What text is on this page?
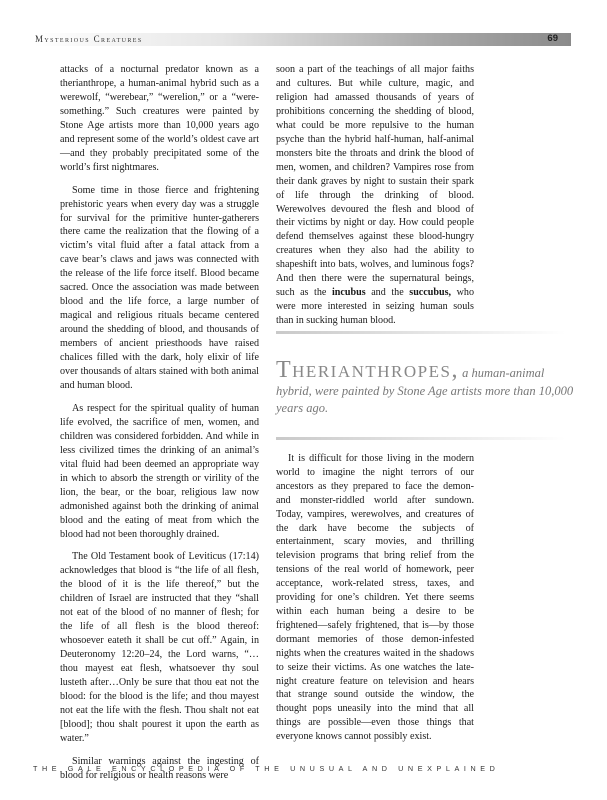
Mysterious Creatures	69

attacks of a nocturnal predator known as a therianthrope, a human-animal hybrid such as a werewolf, “werebear,” “werelion,” or a “were-something.” Such creatures were painted by Stone Age artists more than 10,000 years ago and represent some of the world’s oldest cave art—and they probably precipitated some of the world’s first nightmares.

Some time in those fierce and frightening prehistoric years when every day was a struggle for survival for the primitive hunter-gatherers there came the realization that the flowing of a victim’s vital fluid after a fatal attack from a cave bear’s claws and jaws was connected with the release of the life force itself. Blood became sacred. Once the association was made between blood and the life force, a large number of magical and religious rituals became centered around the shedding of blood, and thousands of members of ancient priesthoods have raised chalices filled with the dark, holy elixir of life over thousands of altars stained with both animal and human blood.

As respect for the spiritual quality of human life evolved, the sacrifice of men, women, and children was considered forbidden. And while in less civilized times the drinking of an animal’s vital fluid had been deemed an appropriate way in which to absorb the strength or virility of the lion, the bear, or the boar, religious law now admonished against both the drinking of animal blood and the eating of meat from which the blood had not been thoroughly drained.

The Old Testament book of Leviticus (17:14) acknowledges that blood is “the life of all flesh, the blood of it is the life thereof,” but the children of Israel are instructed that they “shall not eat of the blood of no manner of flesh; for the life of all flesh is the blood thereof: whosoever eateth it shall be cut off.” Again, in Deuteronomy 12:20–24, the Lord warns, “…thou mayest eat flesh, whatsoever thy soul lusteth after…Only be sure that thou eat not the blood: for the blood is the life; and thou mayest not eat the life with the flesh. Thou shalt not eat [blood]; thou shalt pourest it upon the earth as water.”

Similar warnings against the ingesting of blood for religious or health reasons were

soon a part of the teachings of all major faiths and cultures. But while culture, magic, and religion had amassed thousands of years of prohibitions concerning the shedding of blood, what could be more repulsive to the human psyche than the hybrid half-human, half-animal monsters bite the throats and drink the blood of men, women, and children? Vampires rose from their dank graves by night to sustain their spark of life through the drinking of blood. Werewolves devoured the flesh and blood of their victims by night or day. How could people defend themselves against these blood-hungry creatures when they also had the ability to shapeshift into bats, wolves, and luminous fogs? And then there were the supernatural beings, such as the incubus and the succubus, who were more interested in seizing human souls than in sucking human blood.

Therianthropes, a human-animal hybrid, were painted by Stone Age artists more than 10,000 years ago.

It is difficult for those living in the modern world to imagine the night terrors of our ancestors as they prepared to face the demon- and monster-riddled world after sundown. Today, vampires, werewolves, and creatures of the dark have become the subjects of entertainment, scary movies, and thrilling television programs that bring relief from the tensions of the real world of homework, peer acceptance, work-related stress, taxes, and providing for one’s children. Yet there seems within each human being a desire to be frightened—safely frightened, that is—by those dormant memories of those demon-infested nights when the creatures waited in the shadows to seize their victims. As one watches the late-night creature feature on television and hears that strange sound outside the window, the thought pops uneasily into the mind that all things are possible—even those things that everyone knows cannot possibly exist.

THE GALE ENCYCLOPEDIA OF THE UNUSUAL AND UNEXPLAINED
